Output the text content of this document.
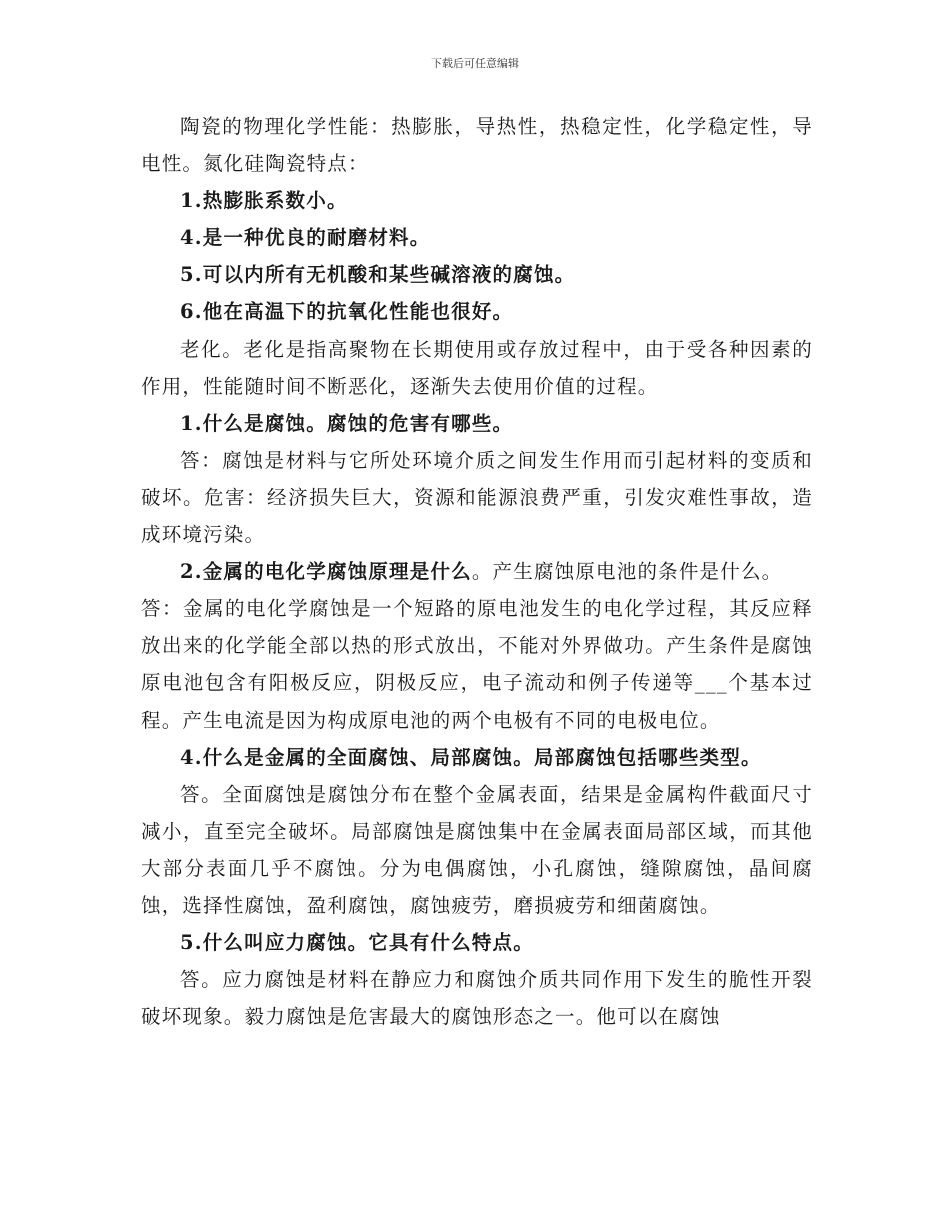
下载后可任意编辑

陶瓷的物理化学性能：热膨胀，导热性，热稳定性，化学稳定性，导电性。氮化硅陶瓷特点：

1.热膨胀系数小。

4.是一种优良的耐磨材料。

5.可以内所有无机酸和某些碱溶液的腐蚀。

6.他在高温下的抗氧化性能也很好。

老化。老化是指高聚物在长期使用或存放过程中，由于受各种因素的作用，性能随时间不断恶化，逐渐失去使用价值的过程。

1.什么是腐蚀。腐蚀的危害有哪些。

答：腐蚀是材料与它所处环境介质之间发生作用而引起材料的变质和破坏。危害：经济损失巨大，资源和能源浪费严重，引发灾难性事故，造成环境污染。

2.金属的电化学腐蚀原理是什么。产生腐蚀原电池的条件是什么。

答：金属的电化学腐蚀是一个短路的原电池发生的电化学过程，其反应释放出来的化学能全部以热的形式放出，不能对外界做功。产生条件是腐蚀原电池包含有阳极反应，阴极反应，电子流动和例子传递等___个基本过程。产生电流是因为构成原电池的两个电极有不同的电极电位。

4.什么是金属的全面腐蚀、局部腐蚀。局部腐蚀包括哪些类型。

答。全面腐蚀是腐蚀分布在整个金属表面，结果是金属构件截面尺寸减小，直至完全破坏。局部腐蚀是腐蚀集中在金属表面局部区域，而其他大部分表面几乎不腐蚀。分为电偶腐蚀，小孔腐蚀，缝隙腐蚀，晶间腐蚀，选择性腐蚀，盈利腐蚀，腐蚀疲劳，磨损疲劳和细菌腐蚀。

5.什么叫应力腐蚀。它具有什么特点。

答。应力腐蚀是材料在静应力和腐蚀介质共同作用下发生的脆性开裂破坏现象。毅力腐蚀是危害最大的腐蚀形态之一。他可以在腐蚀
